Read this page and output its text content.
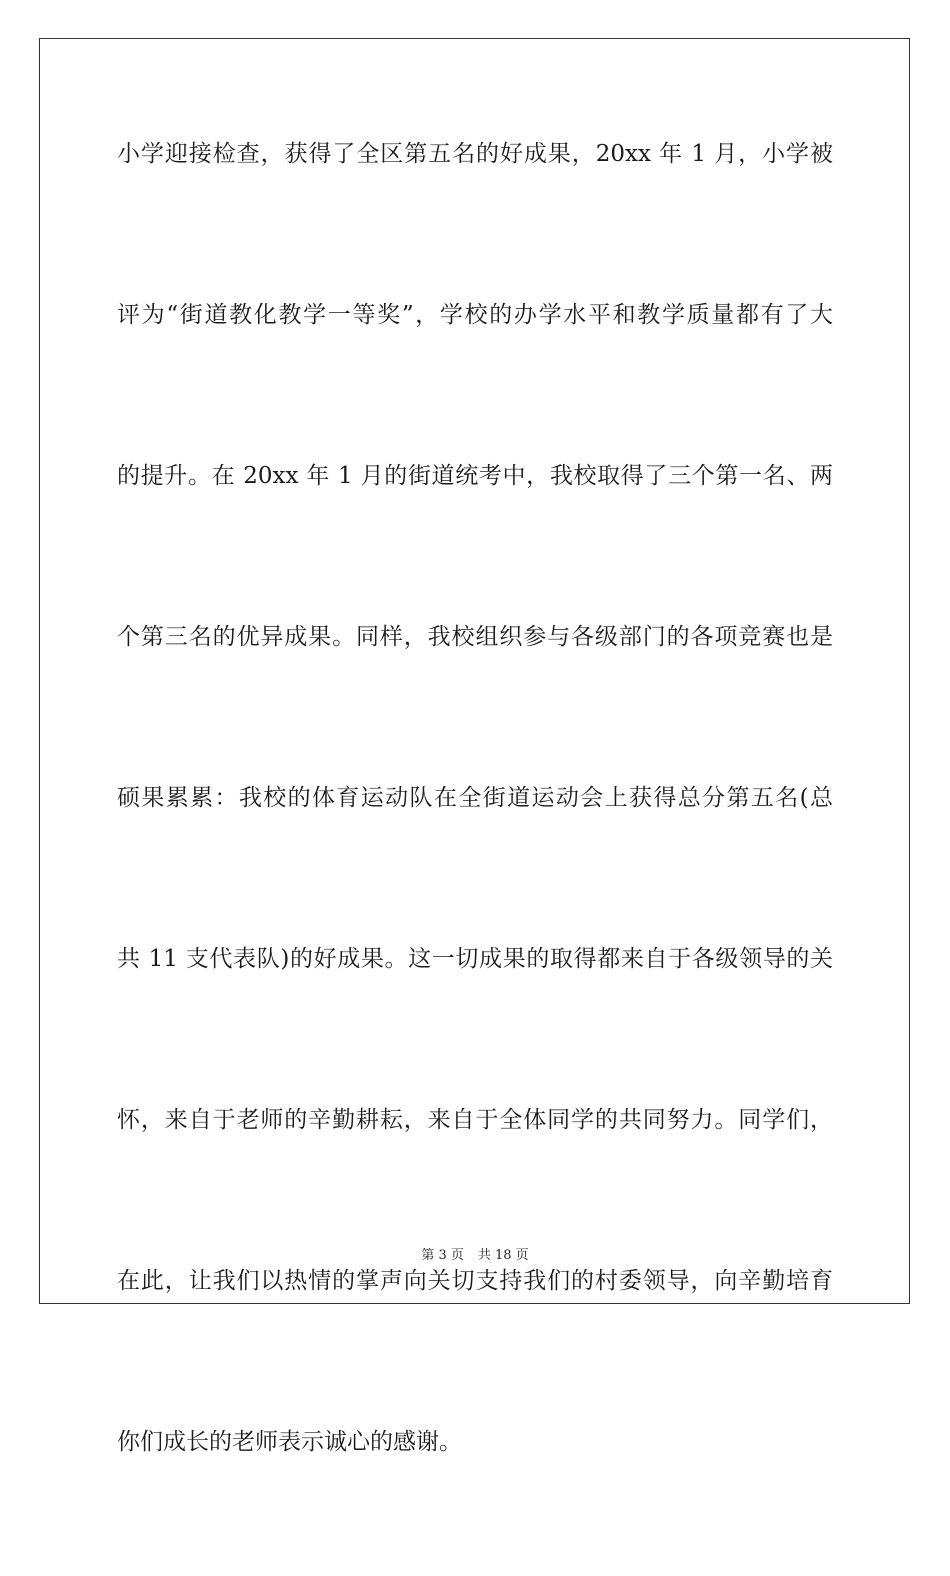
小学迎接检查，获得了全区第五名的好成果，20xx 年 1 月，小学被
评为“街道教化教学一等奖”，学校的办学水平和教学质量都有了大
的提升。在 20xx 年 1 月的街道统考中，我校取得了三个第一名、两
个第三名的优异成果。同样，我校组织参与各级部门的各项竞赛也是
硕果累累：我校的体育运动队在全街道运动会上获得总分第五名(总
共 11 支代表队)的好成果。这一切成果的取得都来自于各级领导的关
怀，来自于老师的辛勤耕耘，来自于全体同学的共同努力。同学们，
在此，让我们以热情的掌声向关切支持我们的村委领导，向辛勤培育
你们成长的老师表示诚心的感谢。
第 3 页 共 18 页
